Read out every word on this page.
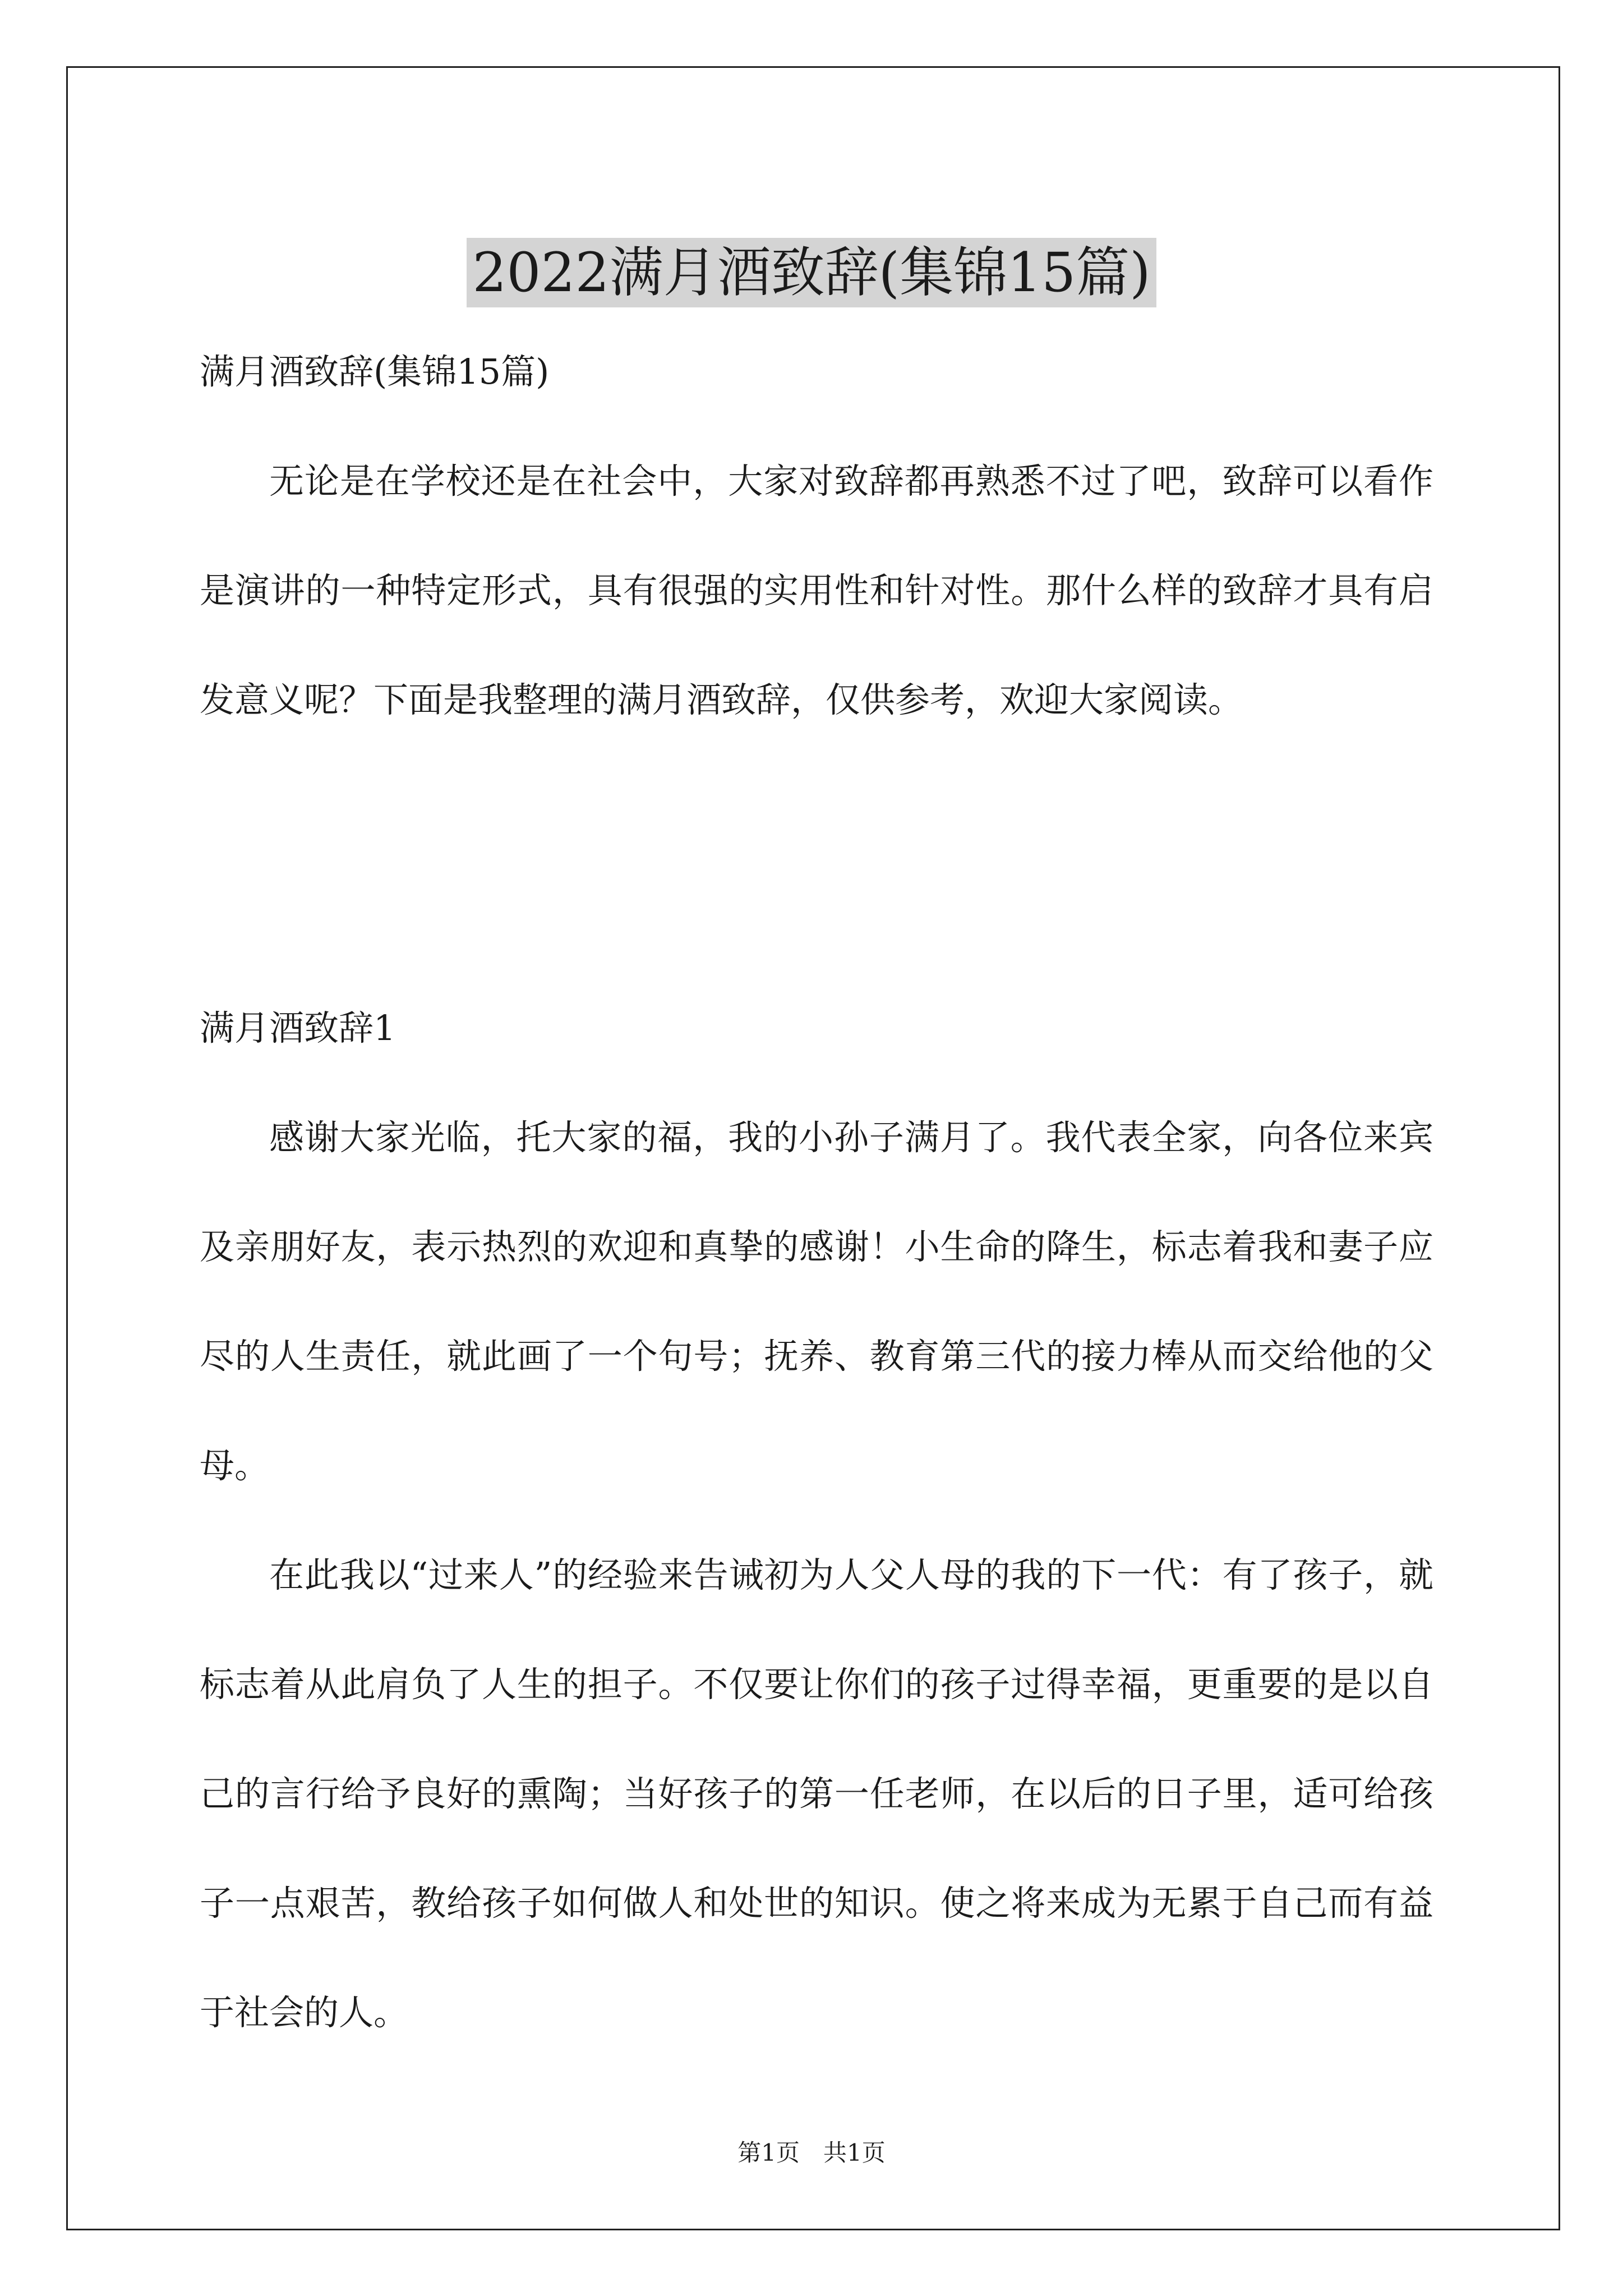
2022满月酒致辞(集锦15篇)

满月酒致辞(集锦15篇)

无论是在学校还是在社会中，大家对致辞都再熟悉不过了吧，致辞可以看作是演讲的一种特定形式，具有很强的实用性和针对性。那什么样的致辞才具有启发意义呢？下面是我整理的满月酒致辞，仅供参考，欢迎大家阅读。

满月酒致辞1

感谢大家光临，托大家的福，我的小孙子满月了。我代表全家，向各位来宾及亲朋好友，表示热烈的欢迎和真挚的感谢！小生命的降生，标志着我和妻子应尽的人生责任，就此画了一个句号；抚养、教育第三代的接力棒从而交给他的父母。

在此我以“过来人”的经验来告诫初为人父人母的我的下一代：有了孩子，就标志着从此肩负了人生的担子。不仅要让你们的孩子过得幸福，更重要的是以自己的言行给予良好的熏陶；当好孩子的第一任老师，在以后的日子里，适可给孩子一点艰苦，教给孩子如何做人和处世的知识。使之将来成为无累于自己而有益于社会的人。

第1页 共1页
